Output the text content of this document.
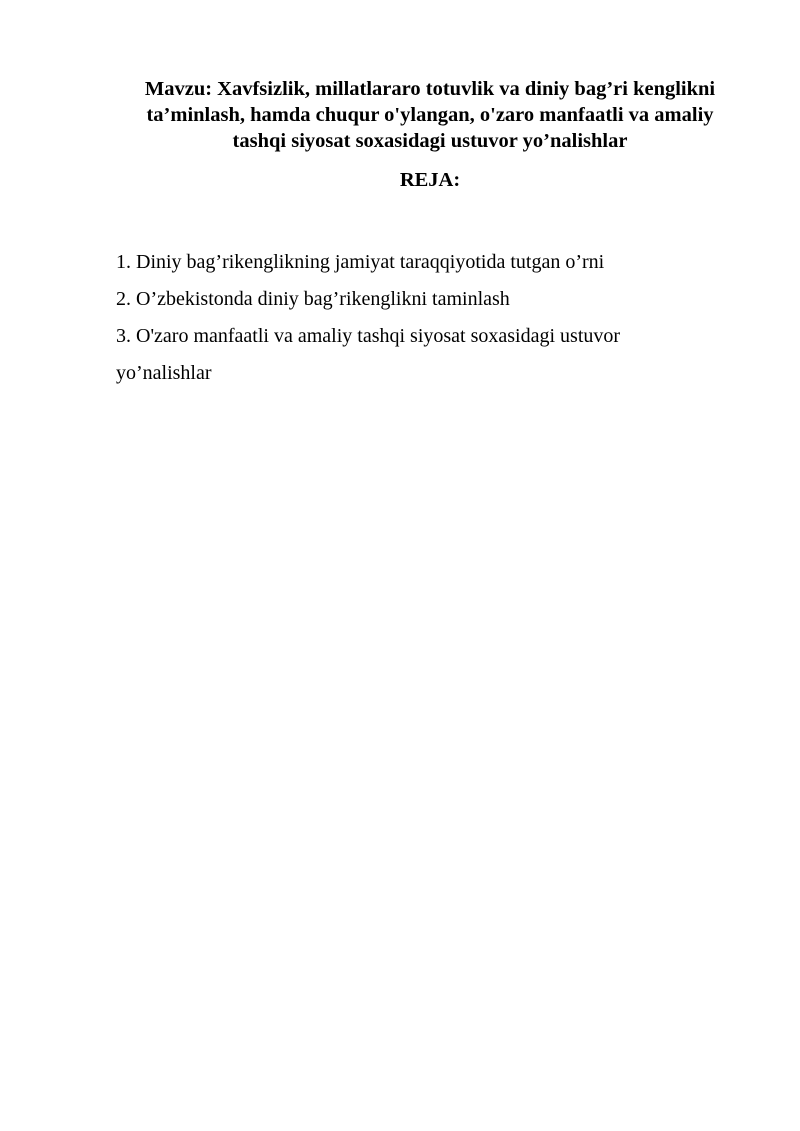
Mavzu: Xavfsizlik, millatlararo totuvlik va diniy bag’ri kenglikni
ta’minlash, hamda chuqur o'ylangan, o'zaro manfaatli va amaliy
tashqi siyosat soxasidagi ustuvor yo’nalishlar
REJA:
1. Diniy bag’rikenglikning jamiyat taraqqiyotida tutgan o’rni
2. O’zbekistonda diniy bag’rikenglikni taminlash
3. O'zaro manfaatli va amaliy tashqi siyosat soxasidagi ustuvor
yo’nalishlar
